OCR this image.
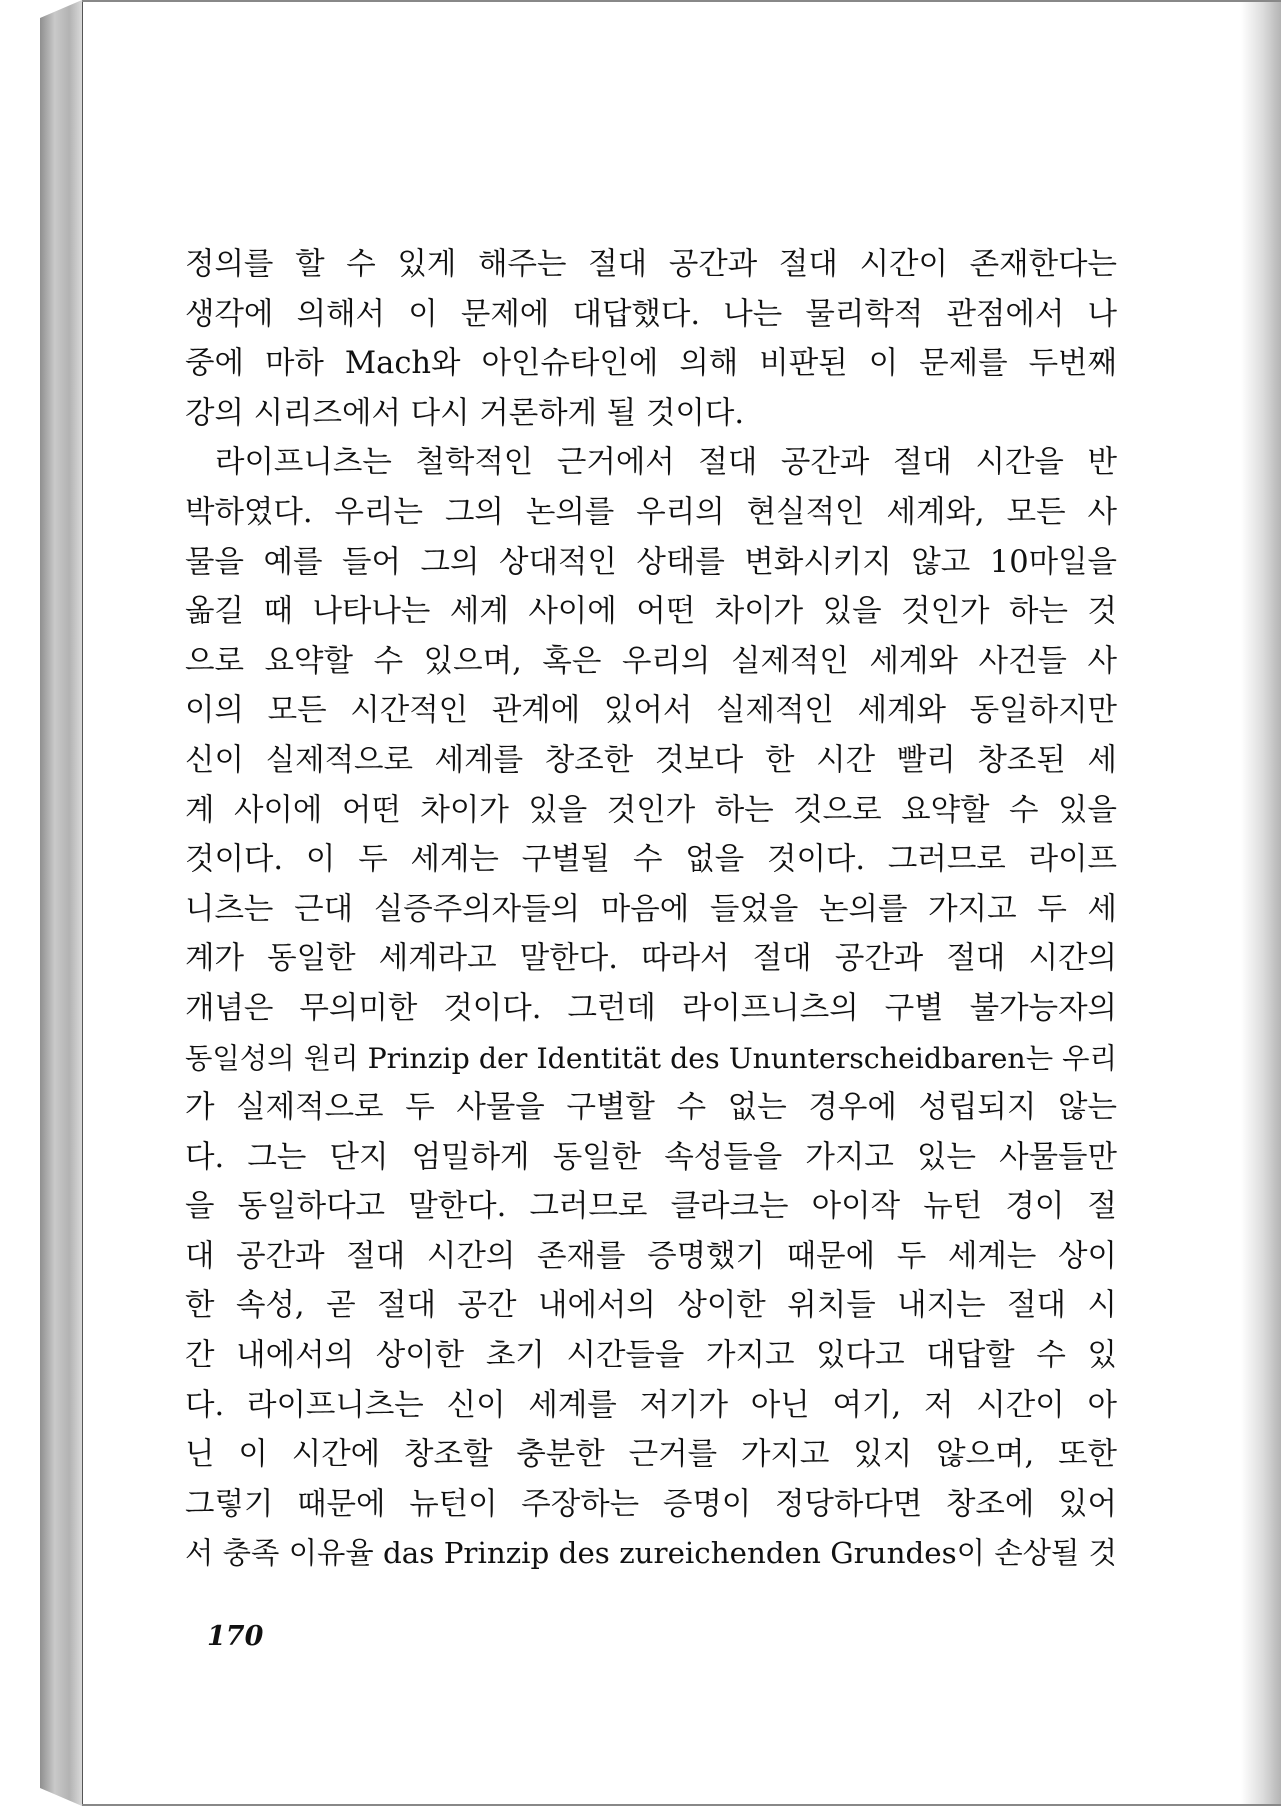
정의를 할 수 있게 해주는 절대 공간과 절대 시간이 존재한다는
생각에 의해서 이 문제에 대답했다. 나는 물리학적 관점에서 나
중에 마하 Mach와 아인슈타인에 의해 비판된 이 문제를 두번째
강의 시리즈에서 다시 거론하게 될 것이다.

라이프니츠는 철학적인 근거에서 절대 공간과 절대 시간을 반
박하였다. 우리는 그의 논의를 우리의 현실적인 세계와, 모든 사
물을 예를 들어 그의 상대적인 상태를 변화시키지 않고 10마일을
옮길 때 나타나는 세계 사이에 어떤 차이가 있을 것인가 하는 것
으로 요약할 수 있으며, 혹은 우리의 실제적인 세계와 사건들 사
이의 모든 시간적인 관계에 있어서 실제적인 세계와 동일하지만
신이 실제적으로 세계를 창조한 것보다 한 시간 빨리 창조된 세
계 사이에 어떤 차이가 있을 것인가 하는 것으로 요약할 수 있을
것이다. 이 두 세계는 구별될 수 없을 것이다. 그러므로 라이프
니츠는 근대 실증주의자들의 마음에 들었을 논의를 가지고 두 세
계가 동일한 세계라고 말한다. 따라서 절대 공간과 절대 시간의
개념은 무의미한 것이다. 그런데 라이프니츠의 구별 불가능자의
동일성의 원리 Prinzip der Identität des Ununterscheidbaren는 우리
가 실제적으로 두 사물을 구별할 수 없는 경우에 성립되지 않는
다. 그는 단지 엄밀하게 동일한 속성들을 가지고 있는 사물들만
을 동일하다고 말한다. 그러므로 클라크는 아이작 뉴턴 경이 절
대 공간과 절대 시간의 존재를 증명했기 때문에 두 세계는 상이
한 속성, 곧 절대 공간 내에서의 상이한 위치들 내지는 절대 시
간 내에서의 상이한 초기 시간들을 가지고 있다고 대답할 수 있
다. 라이프니츠는 신이 세계를 저기가 아닌 여기, 저 시간이 아
닌 이 시간에 창조할 충분한 근거를 가지고 있지 않으며, 또한
그렇기 때문에 뉴턴이 주장하는 증명이 정당하다면 창조에 있어
서 충족 이유율 das Prinzip des zureichenden Grundes이 손상될 것

170
